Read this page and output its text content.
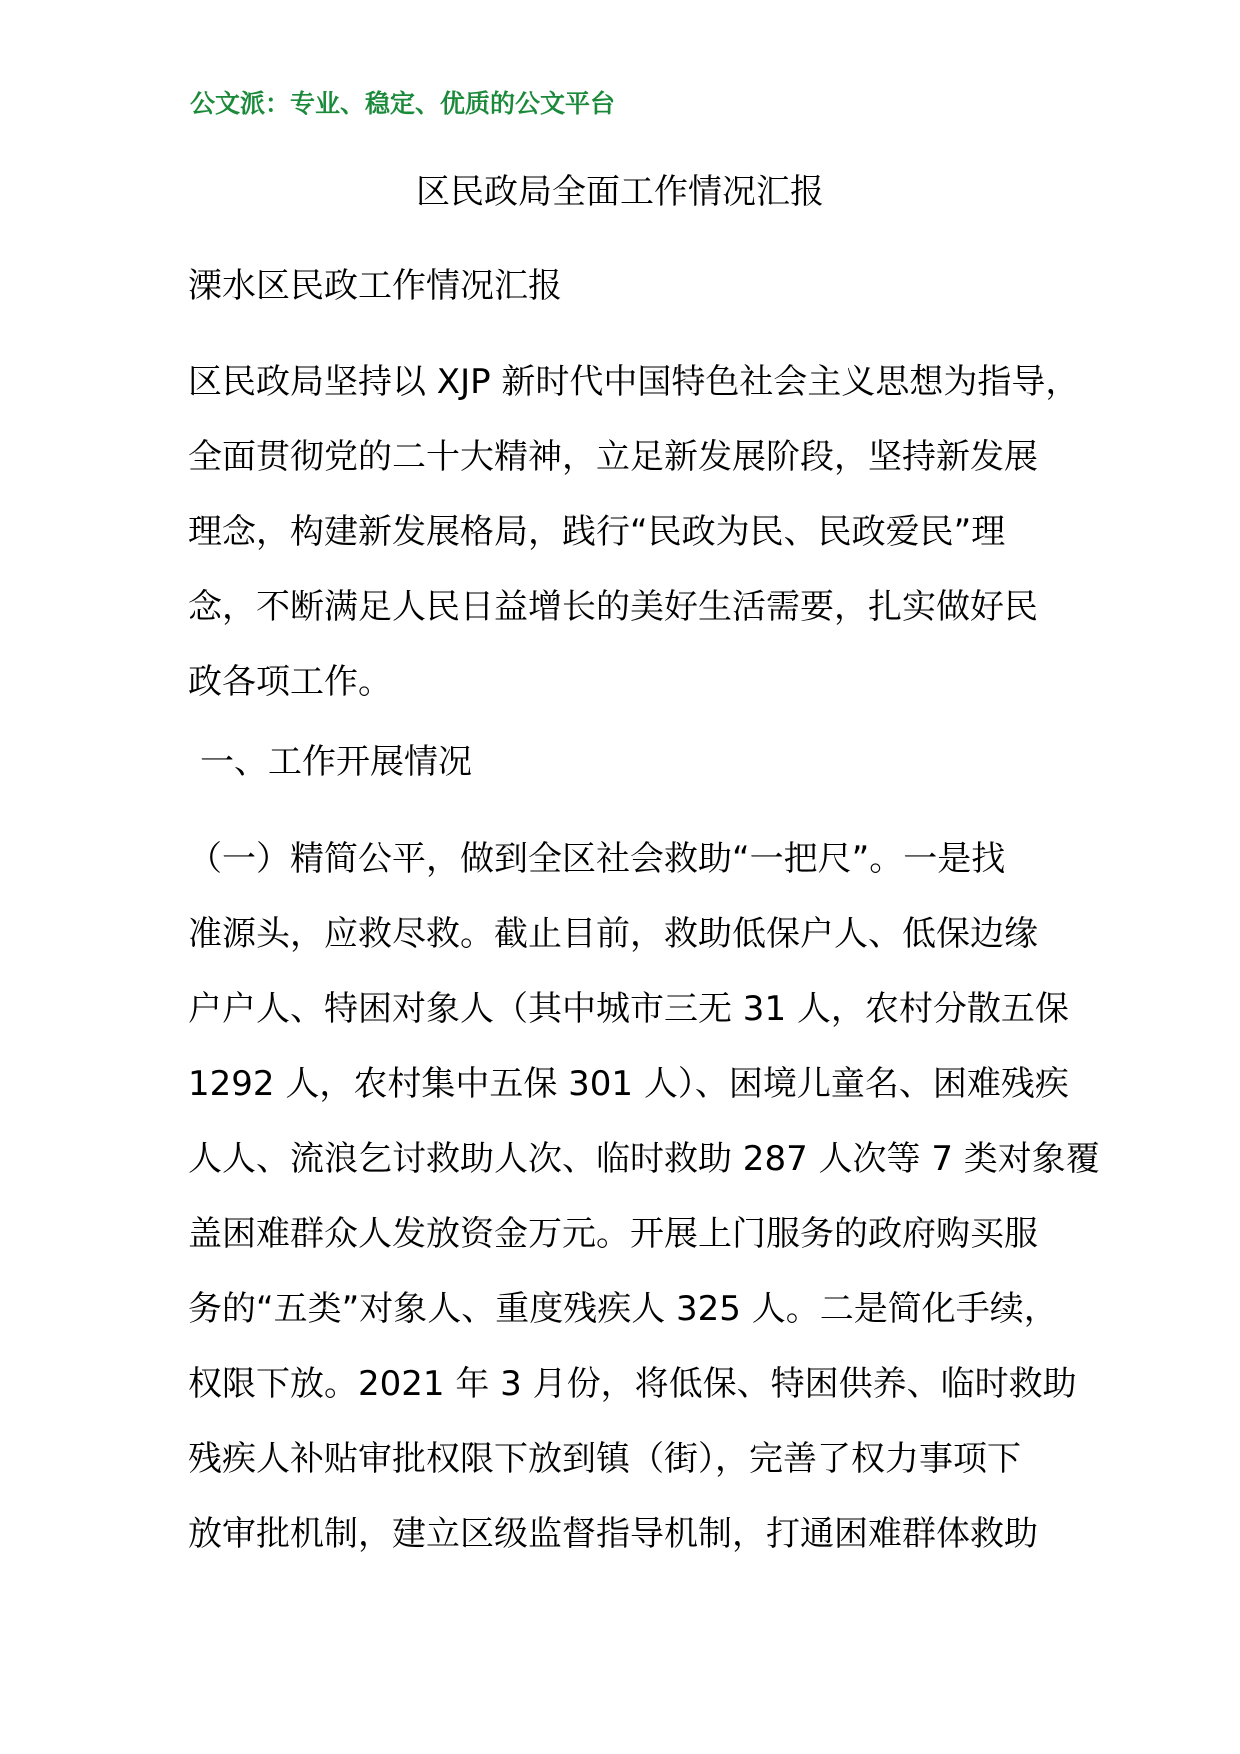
公文派：专业、稳定、优质的公文平台
区民政局全面工作情况汇报
溧水区民政工作情况汇报
区民政局坚持以 XJP 新时代中国特色社会主义思想为指导，
全面贯彻党的二十大精神，立足新发展阶段，坚持新发展
理念，构建新发展格局，践行“民政为民、民政爱民”理
念，不断满足人民日益增长的美好生活需要，扎实做好民
政各项工作。
一、工作开展情况
（一）精简公平，做到全区社会救助“一把尺”。一是找
准源头，应救尽救。截止目前，救助低保户人、低保边缘
户户人、特困对象人（其中城市三无 31 人，农村分散五保
1292 人，农村集中五保 301 人）、困境儿童名、困难残疾
人人、流浪乞讨救助人次、临时救助 287 人次等 7 类对象覆
盖困难群众人发放资金万元。开展上门服务的政府购买服
务的“五类”对象人、重度残疾人 325 人。二是简化手续，
权限下放。2021 年 3 月份，将低保、特困供养、临时救助
残疾人补贴审批权限下放到镇（街），完善了权力事项下
放审批机制，建立区级监督指导机制，打通困难群体救助
